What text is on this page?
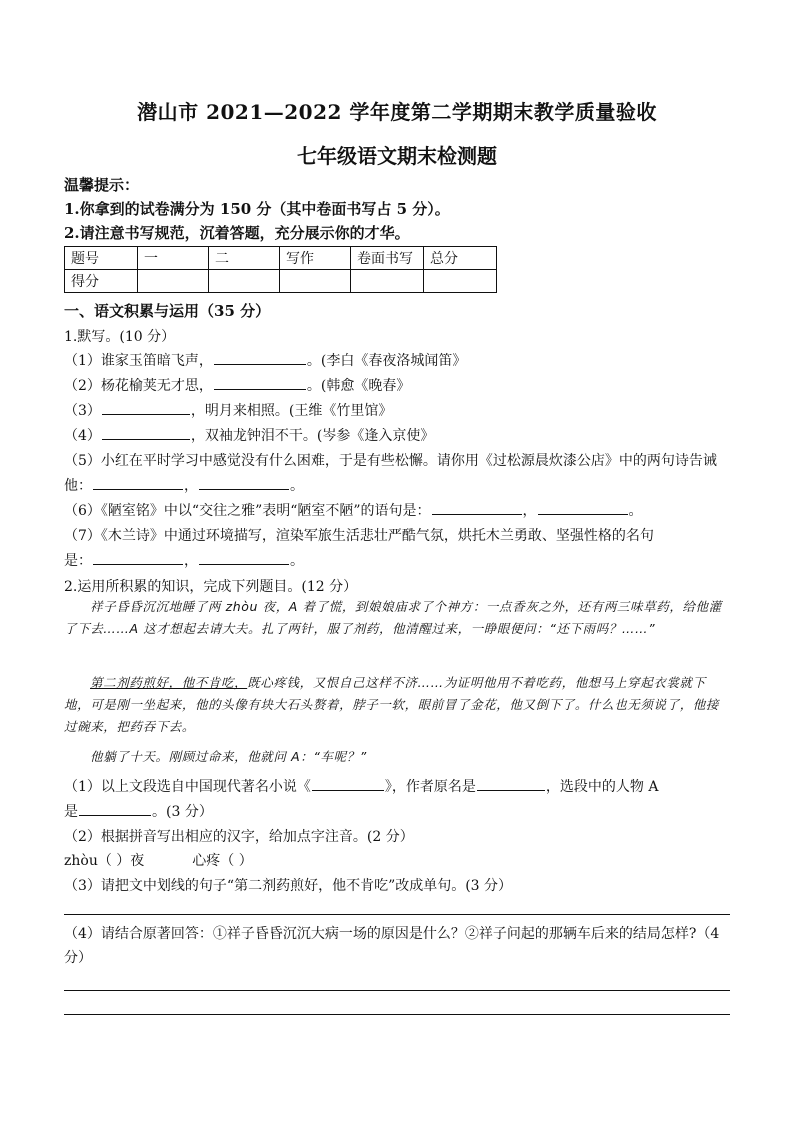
潜山市 2021—2022 学年度第二学期期末教学质量验收
七年级语文期末检测题
温馨提示：
1.你拿到的试卷满分为 150 分（其中卷面书写占 5 分）。
2.请注意书写规范，沉着答题，充分展示你的才华。
题号	一	二	写作	卷面书写	总分
得分					
一、语文积累与运用（35 分）
1.默写。(10 分）
（1）谁家玉笛暗飞声，	。(李白《春夜洛城闻笛》
（2）杨花榆荚无才思，	。(韩愈《晚春》
（3）	，明月来相照。(王维《竹里馆》
（4）	，双袖龙钟泪不干。(岑参《逢入京使》
（5）小红在平时学习中感觉没有什么困难，于是有些松懈。请你用《过松源晨炊漆公店》中的两句诗告诫
他：	，	。
（6）《陋室铭》中以“交往之雅”表明“陋室不陋”的语句是：	，	。
（7）《木兰诗》中通过环境描写，渲染军旅生活悲壮严酷气氛，烘托木兰勇敢、坚强性格的名句
是：	，	。
2.运用所积累的知识，完成下列题目。(12 分）
祥子昏昏沉沉地睡了两 zhòu 夜，A 着了慌，到娘娘庙求了个神方：一点香灰之外，还有两三味草药，给他灌了下去……A 这才想起去请大夫。扎了两针，服了剂药，他清醒过来，一睁眼便问：“还下雨吗？……”
第二剂药煎好，他不肯吃，既心疼钱，又恨自己这样不济……为证明他用不着吃药，他想马上穿起衣裳就下地，可是刚一坐起来，他的头像有块大石头赘着，脖子一软，眼前冒了金花，他又倒下了。什么也无须说了，他接过碗来，把药吞下去。
他躺了十天。刚顾过命来，他就问 A：“车呢？”
（1）以上文段选自中国现代著名小说《	》，作者原名是	，选段中的人物 A
是	。(3 分）
（2）根据拼音写出相应的汉字，给加点字注音。(2 分）
zhòu（ ）夜	心疼（ ）
（3）请把文中划线的句子“第二剂药煎好，他不肯吃”改成单句。(3 分）
（4）请结合原著回答：①祥子昏昏沉沉大病一场的原因是什么？②祥子问起的那辆车后来的结局怎样?（4 分）
